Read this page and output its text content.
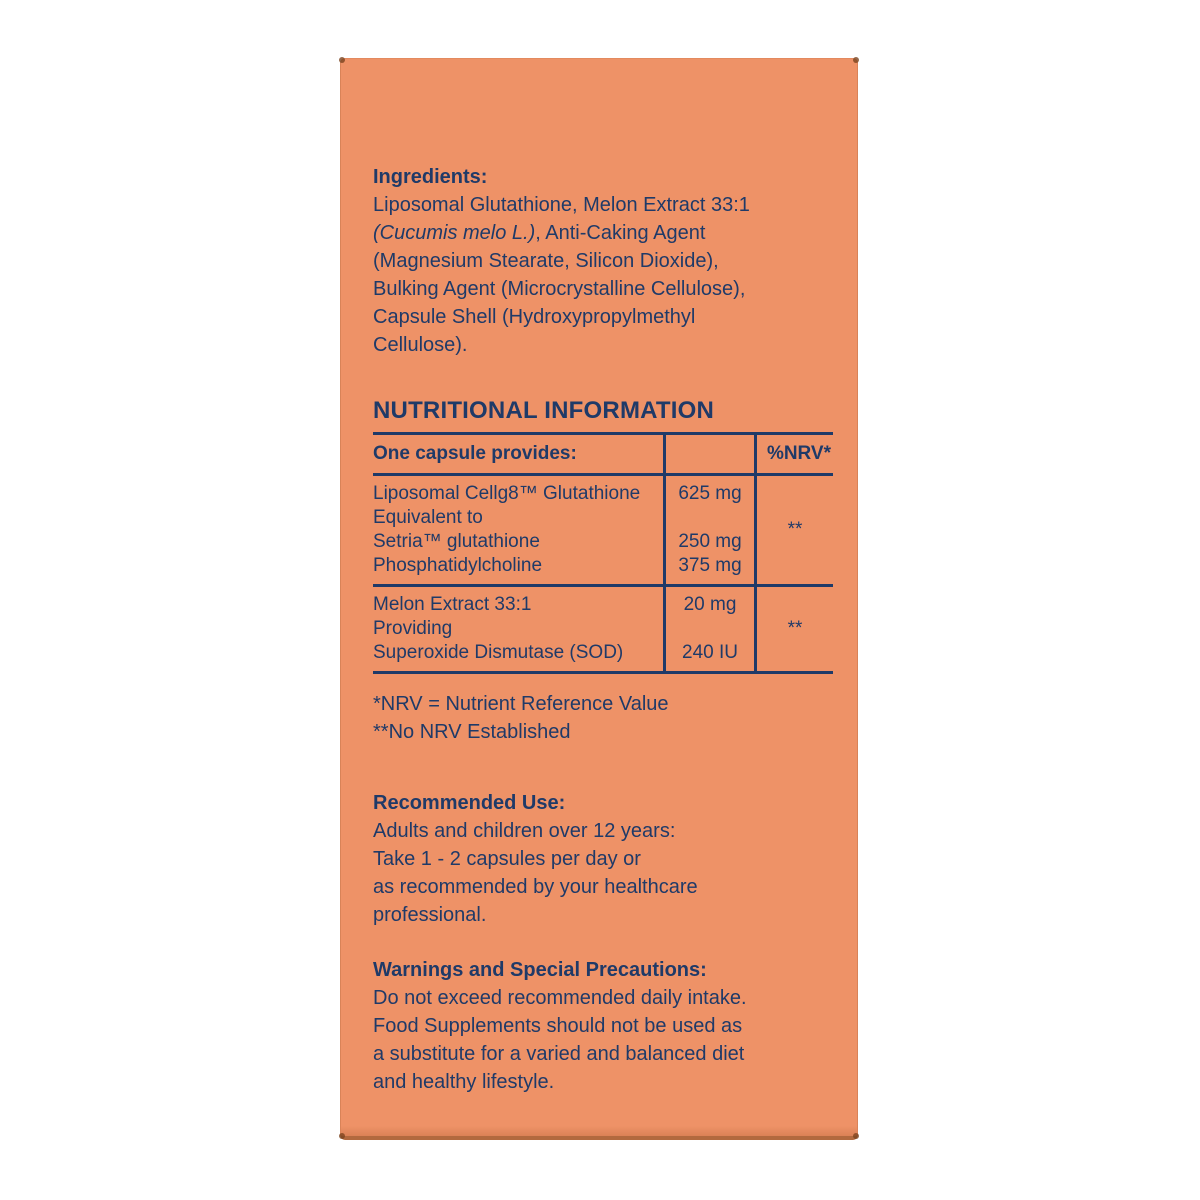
Ingredients:
Liposomal Glutathione, Melon Extract 33:1
(Cucumis melo L.), Anti-Caking Agent
(Magnesium Stearate, Silicon Dioxide),
Bulking Agent (Microcrystalline Cellulose),
Capsule Shell (Hydroxypropylmethyl
Cellulose).
NUTRITIONAL INFORMATION
One capsule provides:	%NRV*
Liposomal Cellg8™ Glutathione
Equivalent to
Setria™ glutathione
Phosphatidylcholine
625 mg
250 mg
375 mg
**
Melon Extract 33:1
Providing
Superoxide Dismutase (SOD)
20 mg
240 IU
**
*NRV = Nutrient Reference Value
**No NRV Established
Recommended Use:
Adults and children over 12 years:
Take 1 - 2 capsules per day or
as recommended by your healthcare
professional.
Warnings and Special Precautions:
Do not exceed recommended daily intake.
Food Supplements should not be used as
a substitute for a varied and balanced diet
and healthy lifestyle.
